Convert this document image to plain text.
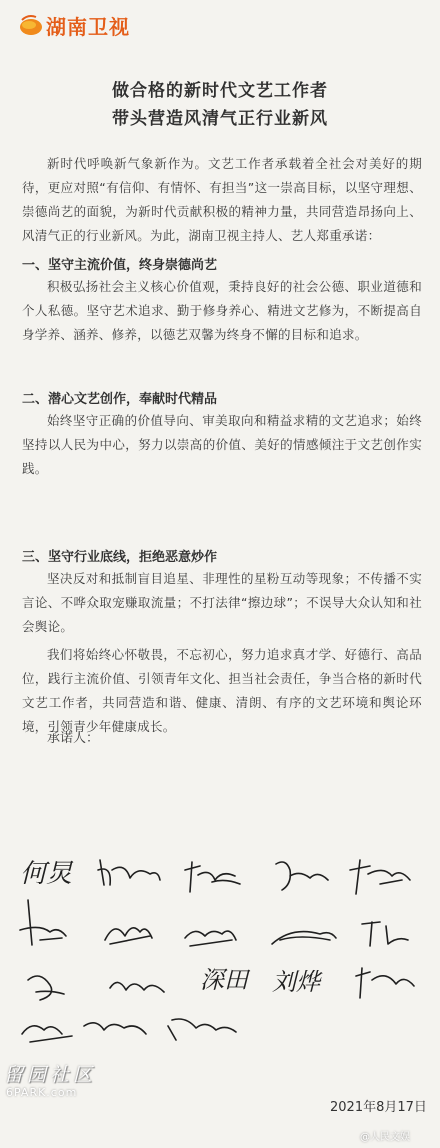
湖南卫视
做合格的新时代文艺工作者
带头营造风清气正行业新风
新时代呼唤新气象新作为。文艺工作者承载着全社会对美好的期待，更应对照“有信仰、有情怀、有担当”这一崇高目标，以坚守理想、崇德尚艺的面貌，为新时代贡献积极的精神力量，共同营造昂扬向上、风清气正的行业新风。为此，湖南卫视主持人、艺人郑重承诺：
一、坚守主流价值，终身崇德尚艺
积极弘扬社会主义核心价值观，秉持良好的社会公德、职业道德和个人私德。坚守艺术追求、勤于修身养心、精进文艺修为，不断提高自身学养、涵养、修养，以德艺双馨为终身不懈的目标和追求。
二、潜心文艺创作，奉献时代精品
始终坚守正确的价值导向、审美取向和精益求精的文艺追求；始终坚持以人民为中心，努力以崇高的价值、美好的情感倾注于文艺创作实践。
三、坚守行业底线，拒绝恶意炒作
坚决反对和抵制盲目追星、非理性的星粉互动等现象；不传播不实言论、不哗众取宠赚取流量；不打法律“擦边球”；不误导大众认知和社会舆论。
我们将始终心怀敬畏，不忘初心，努力追求真才学、好德行、高品位，践行主流价值、引领青年文化、担当社会责任，争当合格的新时代文艺工作者，共同营造和谐、健康、清朗、有序的文艺环境和舆论环境，引领青少年健康成长。
承诺人：
何炅
深田 刘烨
2021年8月17日
留园社区
6PARK.com
@人民文娱
